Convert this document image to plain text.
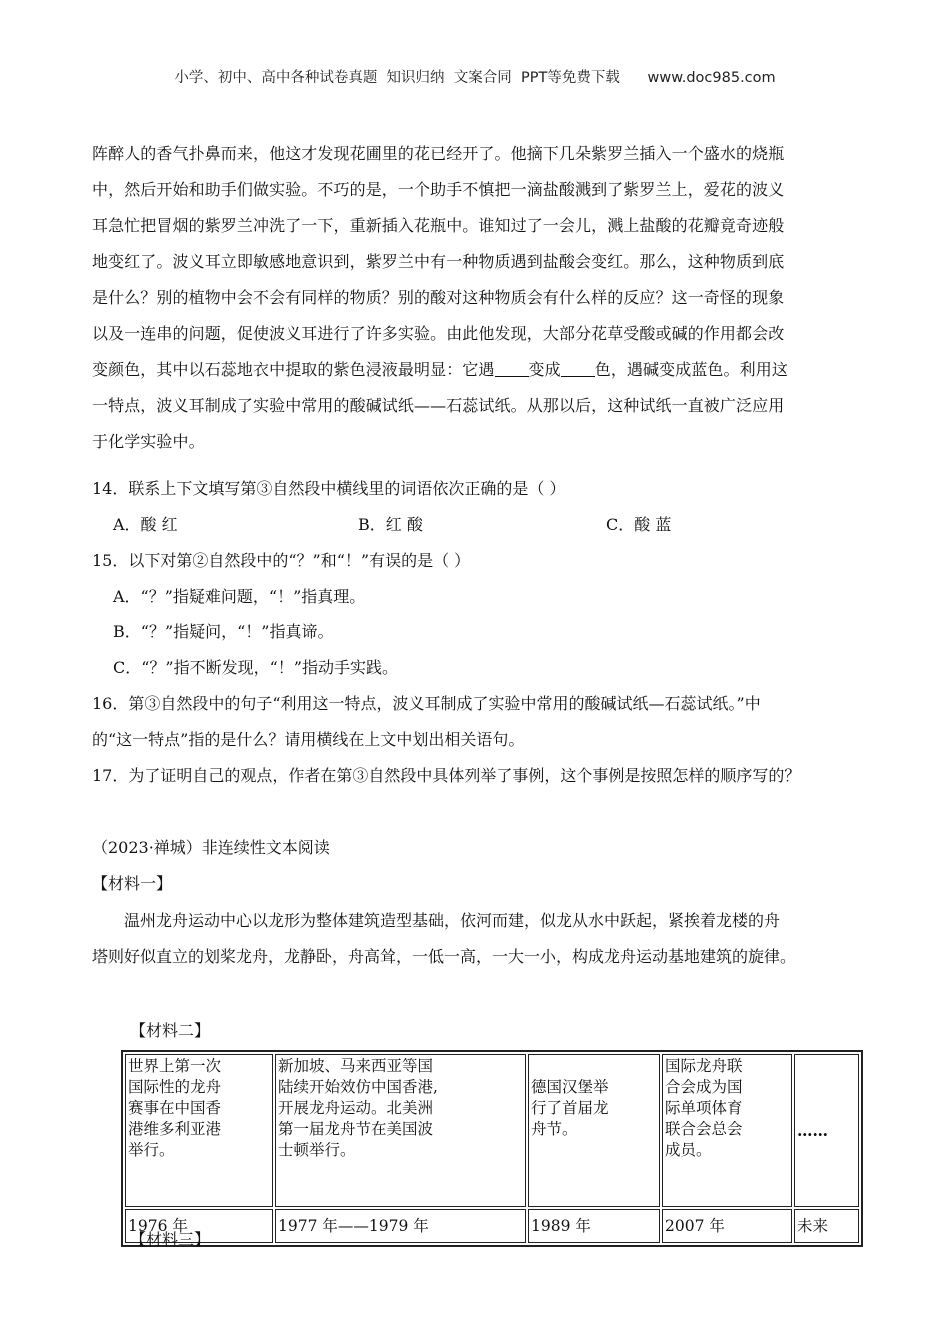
小学、初中、高中各种试卷真题  知识归纳  文案合同  PPT等免费下载      www.doc985.com
阵醉人的香气扑鼻而来，他这才发现花圃里的花已经开了。他摘下几朵紫罗兰插入一个盛水的烧瓶
中，然后开始和助手们做实验。不巧的是，一个助手不慎把一滴盐酸溅到了紫罗兰上，爱花的波义
耳急忙把冒烟的紫罗兰冲洗了一下，重新插入花瓶中。谁知过了一会儿，溅上盐酸的花瓣竟奇迹般
地变红了。波义耳立即敏感地意识到，紫罗兰中有一种物质遇到盐酸会变红。那么，这种物质到底
是什么？别的植物中会不会有同样的物质？别的酸对这种物质会有什么样的反应？这一奇怪的现象
以及一连串的问题，促使波义耳进行了许多实验。由此他发现，大部分花草受酸或碱的作用都会改
变颜色，其中以石蕊地衣中提取的紫色浸液最明显：它遇 变成 色，遇碱变成蓝色。利用这
一特点，波义耳制成了实验中常用的酸碱试纸——石蕊试纸。从那以后，这种试纸一直被广泛应用
于化学实验中。
14．联系上下文填写第③自然段中横线里的词语依次正确的是（ ）
A．酸 红	B．红 酸	C．酸 蓝
15．以下对第②自然段中的“？”和“！”有误的是（ ）
A．“？”指疑难问题，“！”指真理。
B．“？”指疑问，“！”指真谛。
C．“？”指不断发现，“！”指动手实践。
16．第③自然段中的句子“利用这一特点，波义耳制成了实验中常用的酸碱试纸—石蕊试纸。”中
的“这一特点”指的是什么？请用横线在上文中划出相关语句。
17．为了证明自己的观点，作者在第③自然段中具体列举了事例，这个事例是按照怎样的顺序写的？
（2023·禅城）非连续性文本阅读
【材料一】
温州龙舟运动中心以龙形为整体建筑造型基础，依河而建，似龙从水中跃起，紧挨着龙楼的舟
塔则好似直立的划桨龙舟，龙静卧，舟高耸，一低一高，一大一小，构成龙舟运动基地建筑的旋律。
【材料二】
世界上第一次
国际性的龙舟
赛事在中国香
港维多利亚港
举行。	新加坡、马来西亚等国
陆续开始效仿中国香港,
开展龙舟运动。北美洲
第一届龙舟节在美国波
士顿举行。	德国汉堡举
行了首届龙
舟节。	国际龙舟联
合会成为国
际单项体育
联合会总会
成员。	……
1976 年	1977 年——1979 年	1989 年	2007 年	未来
【材料三】
